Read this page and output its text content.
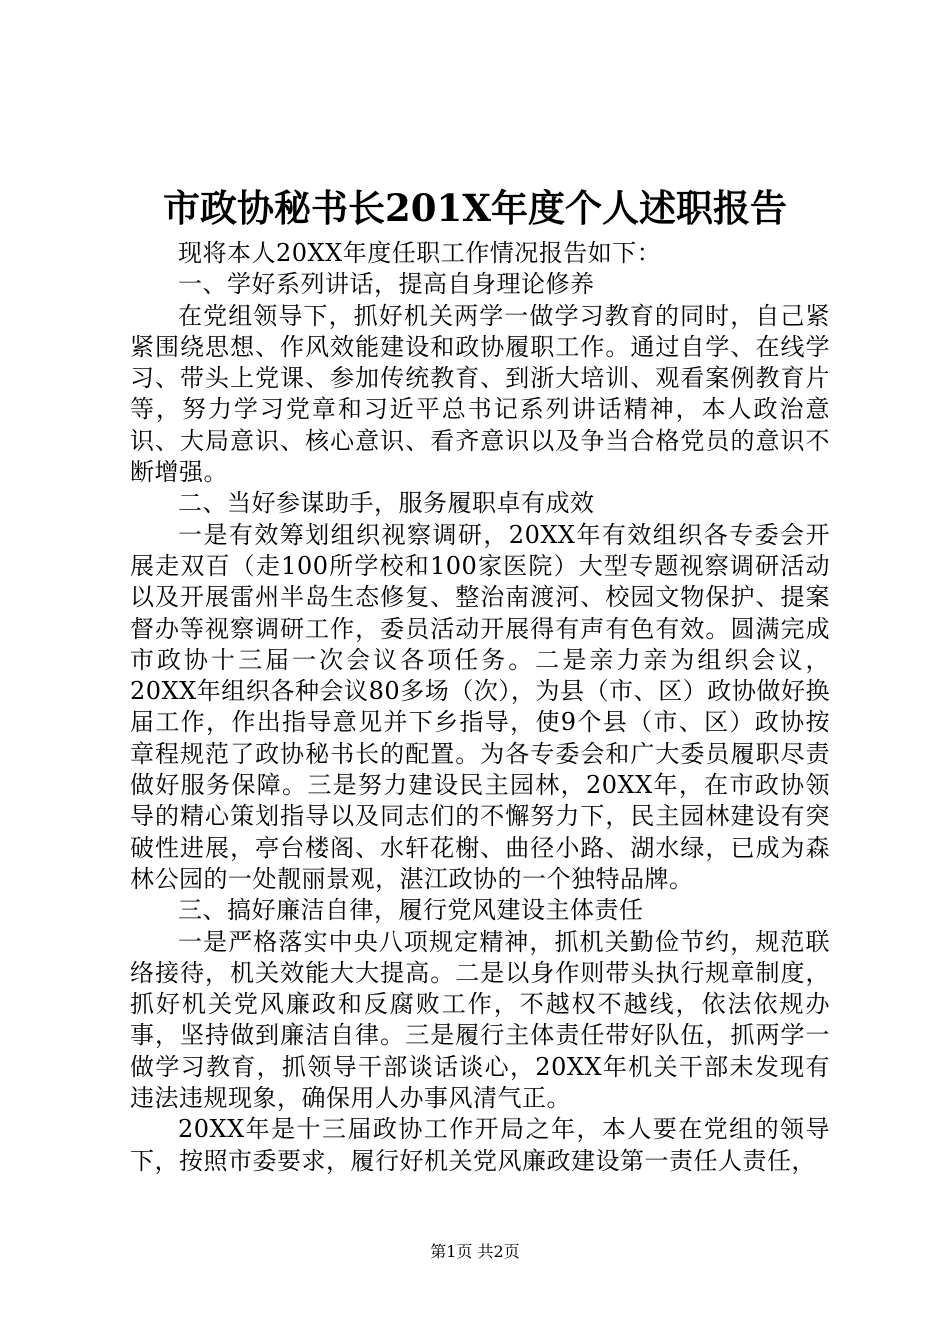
市政协秘书长201X年度个人述职报告

现将本人20XX年度任职工作情况报告如下：

一、学好系列讲话，提高自身理论修养

在党组领导下，抓好机关两学一做学习教育的同时，自己紧紧围绕思想、作风效能建设和政协履职工作。通过自学、在线学习、带头上党课、参加传统教育、到浙大培训、观看案例教育片等，努力学习党章和习近平总书记系列讲话精神，本人政治意识、大局意识、核心意识、看齐意识以及争当合格党员的意识不断增强。

二、当好参谋助手，服务履职卓有成效

一是有效筹划组织视察调研，20XX年有效组织各专委会开展走双百（走100所学校和100家医院）大型专题视察调研活动以及开展雷州半岛生态修复、整治南渡河、校园文物保护、提案督办等视察调研工作，委员活动开展得有声有色有效。圆满完成市政协十三届一次会议各项任务。二是亲力亲为组织会议，20XX年组织各种会议80多场（次），为县（市、区）政协做好换届工作，作出指导意见并下乡指导，使9个县（市、区）政协按章程规范了政协秘书长的配置。为各专委会和广大委员履职尽责做好服务保障。三是努力建设民主园林，20XX年，在市政协领导的精心策划指导以及同志们的不懈努力下，民主园林建设有突破性进展，亭台楼阁、水轩花榭、曲径小路、湖水绿，已成为森林公园的一处靓丽景观，湛江政协的一个独特品牌。

三、搞好廉洁自律，履行党风建设主体责任

一是严格落实中央八项规定精神，抓机关勤俭节约，规范联络接待，机关效能大大提高。二是以身作则带头执行规章制度，抓好机关党风廉政和反腐败工作，不越权不越线，依法依规办事，坚持做到廉洁自律。三是履行主体责任带好队伍，抓两学一做学习教育，抓领导干部谈话谈心，20XX年机关干部未发现有违法违规现象，确保用人办事风清气正。

20XX年是十三届政协工作开局之年，本人要在党组的领导下，按照市委要求，履行好机关党风廉政建设第一责任人责任，

第1页 共2页
